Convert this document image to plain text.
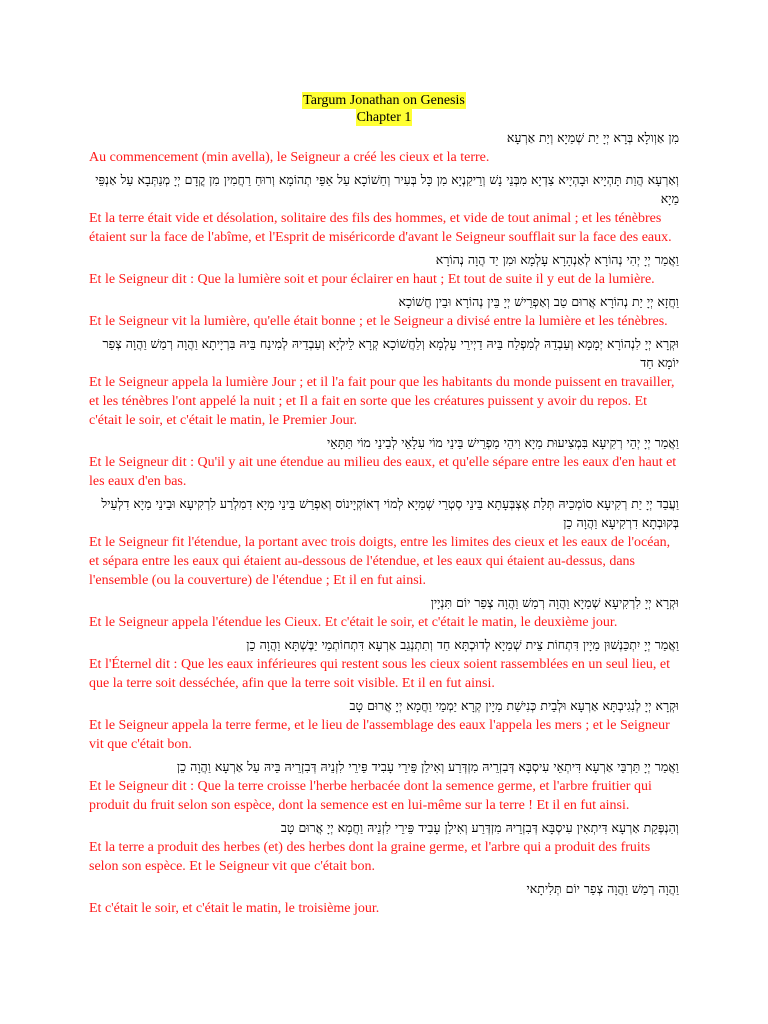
Targum Jonathan on Genesis
Chapter 1

מִן אַוְולָא בְּרָא יְיָ יַת שְׁמַיָא וְיַת אַרְעָא

Au commencement (min avella), le Seigneur a créé les cieux et la terre.

וְאַרְעָא הֲוַת תָּהְיָיא וּבָהְיָיא צַדְיָא מִבְּנֵי נָשׁ וְרֵיקַנְיָא מִן כָּל בְּעִיר וְחַשׁוֹכָא עַל אַפֵּי תְהוֹמָא וְרוּחַ רַחֲמִין מִן קֳדָם יְיָ מְנַתְּבָא עַל אַנְפֵּי מַיָא

Et la terre était vide et désolation, solitaire des fils des hommes, et vide de tout animal ; et les ténèbres étaient sur la face de l'abîme, et l'Esprit de miséricorde d'avant le Seigneur soufflait sur la face des eaux.

וַאֲמַר יְיָ יְהִי נְהוֹרָא לְאַנְהָרָא עָלְמָא וּמִן יַד הֲוָה נְהוֹרָא

Et le Seigneur dit : Que la lumière soit et pour éclairer en haut ; Et tout de suite il y eut de la lumière.

וַחֲזָא יְיָ יַת נְהוֹרָא אֲרוּם טַב וְאַפְרֵישׁ יְיָ בֵּין נְהוֹרָא וּבֵין חֲשׁוֹכָא

Et le Seigneur vit la lumière, qu'elle était bonne ; et le Seigneur a divisé entre la lumière et les ténèbres.

וּקְרָא יְיָ לִנְהוֹרָא יְמָמָא וְעַבְדֵהּ לְמִפְלַח בֵּיהּ דַיְירֵי עָלְמָא וְלַחֲשׁוֹכָא קְרָא לֵילְיָא וְעַבְדֵיהּ לְמִינַח בֵּיהּ בִּרְיָיתָא וַהֲוָה רְמַשׁ וַהֲוָה צְפַר יוֹמָא חַד

Et le Seigneur appela la lumière Jour ; et il l'a fait pour que les habitants du monde puissent en travailler, et les ténèbres l'ont appelé la nuit ; et Il a fait en sorte que les créatures puissent y avoir du repos. Et c'était le soir, et c'était le matin, le Premier Jour.

וַאֲמַר יְיָ יְהֵי רְקִיעָא בִּמְצִיעוּת מַיָא וִיהֵי מַפְרֵישׁ בֵּינֵי מוֹי עִלָאֵי לְבֵינֵי מוֹי תַּתָּאֵי

Et le Seigneur dit : Qu'il y ait une étendue au milieu des eaux, et qu'elle sépare entre les eaux d'en haut et les eaux d'en bas.

וַעֲבַד יְיָ יַת רְקִיעָא סוֹמְכֵיהּ תְּלַת אֶצְבְּעָתָא בֵּינֵי סְטְרֵי שְׁמַיָא לְמוֹי דְאוֹקְיָינוֹס וְאַפְרֵשׁ בֵּינֵי מַיָא דִמִלְרַע לִרְקִיעָא וּבֵינֵי מַיָא דִלְעֵיל בְּקוּבְתָא דִרְקִיעָא וַהֲוָה כֵן

Et le Seigneur fit l'étendue, la portant avec trois doigts, entre les limites des cieux et les eaux de l'océan, et sépara entre les eaux qui étaient au-dessous de l'étendue, et les eaux qui étaient au-dessus, dans l'ensemble (ou la couverture) de l'étendue ; Et il en fut ainsi.

וּקְרָא יְיָ לִרְקִיעָא שְׁמַיָא וַהֲוָה רְמַשׁ וַהֲוָה צְפַר יוֹם תִּנְיָין

Et le Seigneur appela l'étendue les Cieux. Et c'était le soir, et c'était le matin, le deuxième jour.

וַאֲמַר יְיָ יִתְכַּנְשׁוּן מַיָין דִּתְחוֹת צֵית שְׁמַיָא לְדוּכְתָּא חַד וְתִתְנְגֵב אַרְעָא דִּתְחוֹתְמֵי יַבֶּשְׁתָּא וַהֲוָה כֵן

Et l'Éternel dit : Que les eaux inférieures qui restent sous les cieux soient rassemblées en un seul lieu, et que la terre soit desséchée, afin que la terre soit visible. Et il en fut ainsi.

וּקְרָא יְיָ לְנִגִיבְתָּא אַרְעָא וּלְבֵית כְּנִישַׁת מַיָין קְרָא יַמְמֵי וַחֲמָא יְיָ אֲרוּם טָב

Et le Seigneur appela la terre ferme, et le lieu de l'assemblage des eaux l'appela les mers ; et le Seigneur vit que c'était bon.

וַאֲמַר יְיָ תַּרְבֵּי אַרְעָא דִּיתְאֵי עִיסְבָּא דְּבִזְרֵיהּ מִזְדְּרַע וְאִילַן פֵּירֵי עָבִיד פֵּירֵי לִזְנֵיהּ דְּבִזְרֵיהּ בֵּיהּ עַל אַרְעָא וַהֲוָה כֵן

Et le Seigneur dit : Que la terre croisse l'herbe herbacée dont la semence germe, et l'arbre fruitier qui produit du fruit selon son espèce, dont la semence est en lui-même sur la terre ! Et il en fut ainsi.

וְהַנְפְּקַת אַרְעָא דִּיתְאִין עִיסְבָּא דְּבִזְרֵיהּ מִזְדְּרַע וְאִילַן עָבִיד פֵּירֵי לִזְנֵיהּ וַחֲמָא יְיָ אֲרוּם טָב

Et la terre a produit des herbes (et) des herbes dont la graine germe, et l'arbre qui a produit des fruits selon son espèce. Et le Seigneur vit que c'était bon.

וַהֲוָה רְמַשׁ וַהֲוָה צְפַר יוֹם תְּלִיתָאי

Et c'était le soir, et c'était le matin, le troisième jour.
